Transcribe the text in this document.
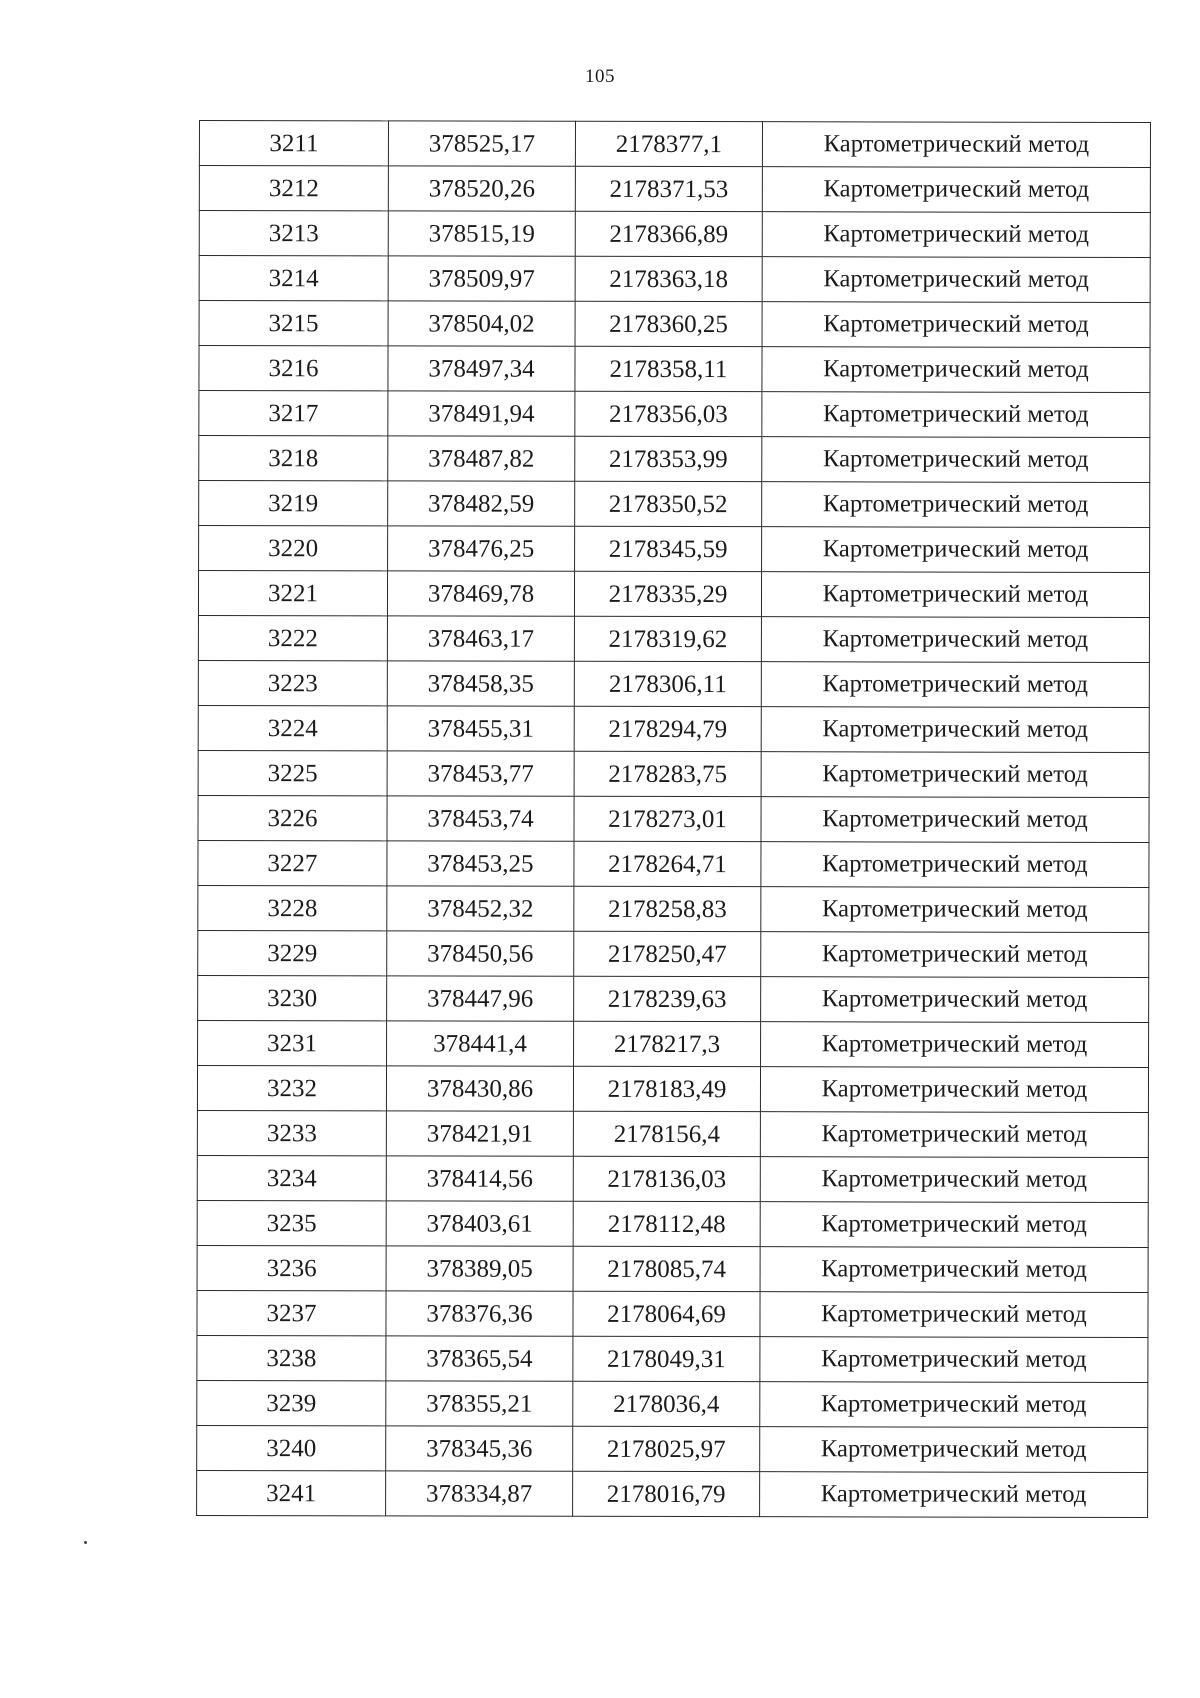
105
3211	378525,17	2178377,1	Картометрический метод
3212	378520,26	2178371,53	Картометрический метод
3213	378515,19	2178366,89	Картометрический метод
3214	378509,97	2178363,18	Картометрический метод
3215	378504,02	2178360,25	Картометрический метод
3216	378497,34	2178358,11	Картометрический метод
3217	378491,94	2178356,03	Картометрический метод
3218	378487,82	2178353,99	Картометрический метод
3219	378482,59	2178350,52	Картометрический метод
3220	378476,25	2178345,59	Картометрический метод
3221	378469,78	2178335,29	Картометрический метод
3222	378463,17	2178319,62	Картометрический метод
3223	378458,35	2178306,11	Картометрический метод
3224	378455,31	2178294,79	Картометрический метод
3225	378453,77	2178283,75	Картометрический метод
3226	378453,74	2178273,01	Картометрический метод
3227	378453,25	2178264,71	Картометрический метод
3228	378452,32	2178258,83	Картометрический метод
3229	378450,56	2178250,47	Картометрический метод
3230	378447,96	2178239,63	Картометрический метод
3231	378441,4	2178217,3	Картометрический метод
3232	378430,86	2178183,49	Картометрический метод
3233	378421,91	2178156,4	Картометрический метод
3234	378414,56	2178136,03	Картометрический метод
3235	378403,61	2178112,48	Картометрический метод
3236	378389,05	2178085,74	Картометрический метод
3237	378376,36	2178064,69	Картометрический метод
3238	378365,54	2178049,31	Картометрический метод
3239	378355,21	2178036,4	Картометрический метод
3240	378345,36	2178025,97	Картометрический метод
3241	378334,87	2178016,79	Картометрический метод
